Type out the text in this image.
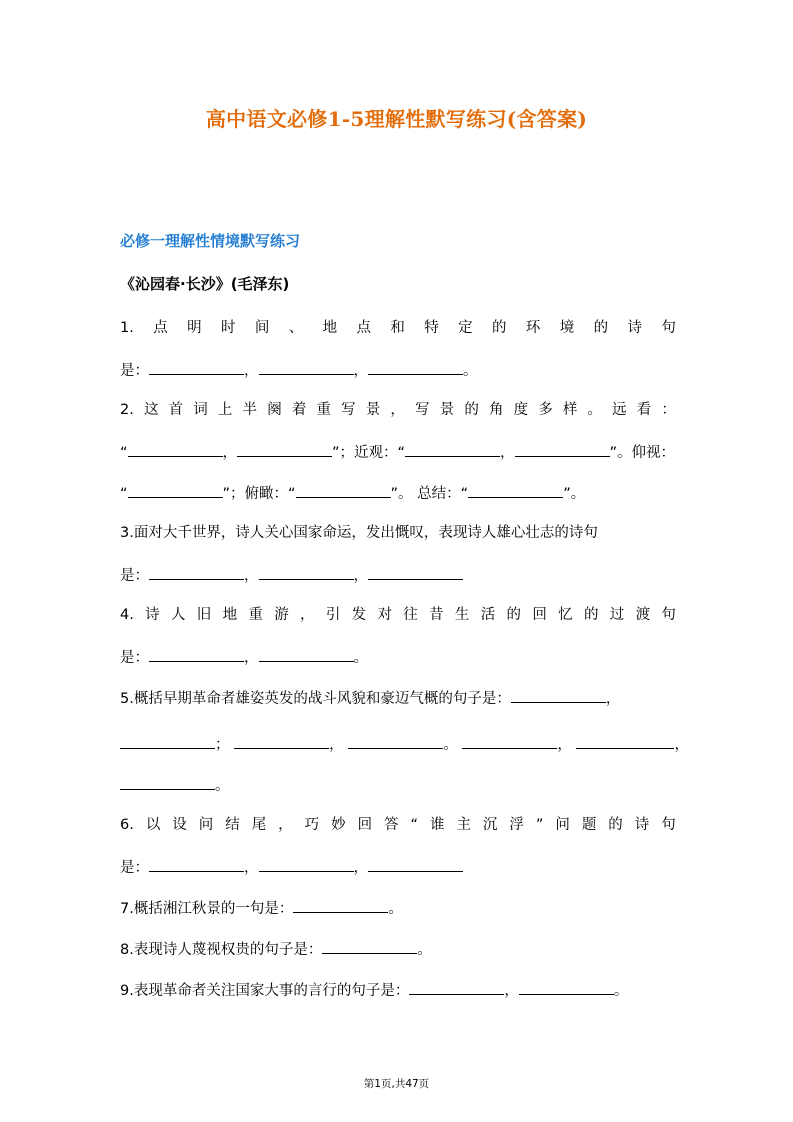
高中语文必修1-5理解性默写练习(含答案)
必修一理解性情境默写练习
《沁园春·长沙》(毛泽东)
1. 点 明 时 间 、 地 点 和 特 定 的 环 境 的 诗 句
是：	，	，	。
2. 这 首 词 上 半 阕 着 重 写 景 ， 写 景 的 角 度 多 样 。 远 看 ：
“	，	”；近观：“	，	”。仰视：
“	”；俯瞰：“	”。 总结：“	”。
3.面对大千世界，诗人关心国家命运，发出慨叹，表现诗人雄心壮志的诗句
是：	，	，
4. 诗 人 旧 地 重 游 ， 引 发 对 往 昔 生 活 的 回 忆 的 过 渡 句
是：	，	。
5.概括早期革命者雄姿英发的战斗风貌和豪迈气概的句子是：	，
；	，	。	，	，
。
6. 以 设 问 结 尾 ， 巧 妙 回 答 “ 谁 主 沉 浮 ” 问 题 的 诗 句
是：	，	，
7.概括湘江秋景的一句是：	。
8.表现诗人蔑视权贵的句子是：	。
9.表现革命者关注国家大事的言行的句子是：	，	。
第1页,共47页
